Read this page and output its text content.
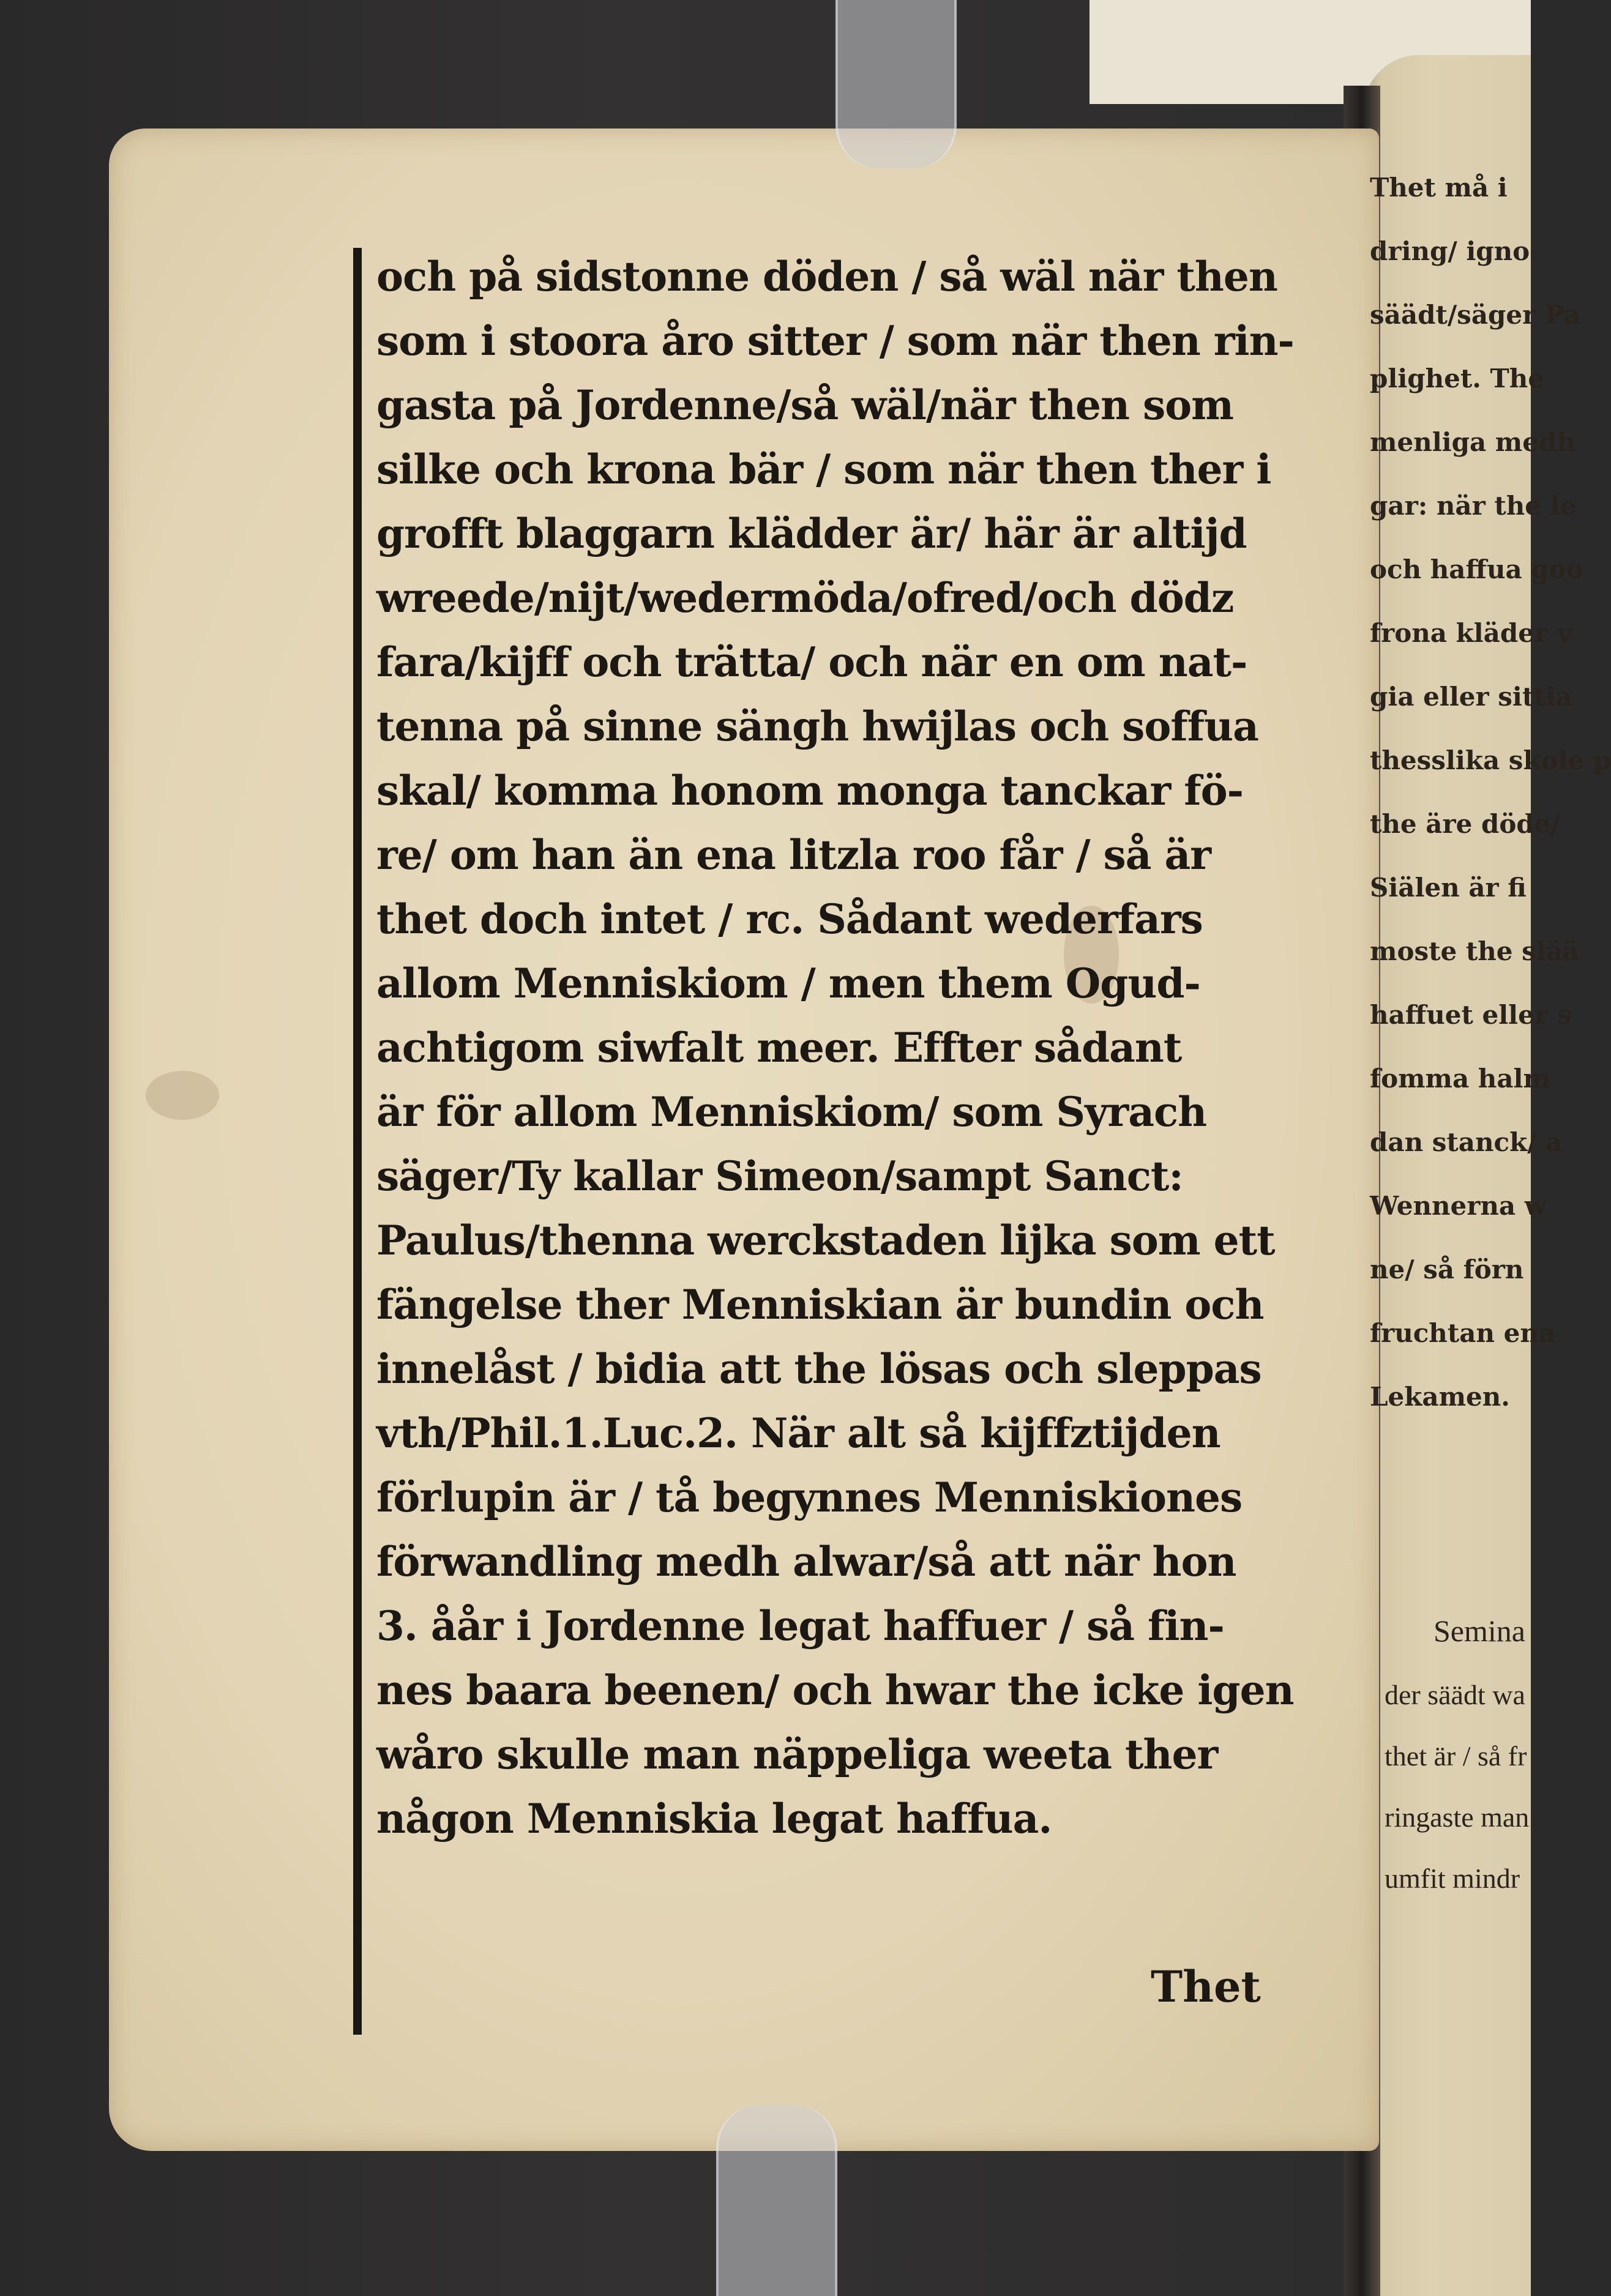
och på sidstonne döden / så wäl när then
som i stoora åro sitter / som när then rin-
gasta på Jordenne/så wäl/när then som
silke och krona bär / som när then ther i
grofft blaggarn klädder är/ här är altijd
wreede/nijt/wedermöda/ofred/och dödz
fara/kijff och trätta/ och när en om nat-
tenna på sinne sängh hwijlas och soffua
skal/ komma honom monga tanckar fö-
re/ om han än ena litzla roo får / så är
thet doch intet / rc. Sådant wederfars
allom Menniskiom / men them Ogud-
achtigom siwfalt meer. Effter sådant
är för allom Menniskiom/ som Syrach
säger/Ty kallar Simeon/sampt Sanct:
Paulus/thenna werckstaden lijka som ett
fängelse ther Menniskian är bundin och
innelåst / bidia att the lösas och sleppas
vth/Phil.1.Luc.2. När alt så kijffztijden
förlupin är / tå begynnes Menniskiones
förwandling medh alwar/så att när hon
3. åår i Jordenne legat haffuer / så fin-
nes baara beenen/ och hwar the icke igen
wåro skulle man näppeliga weeta ther
någon Menniskia legat haffua.
Thet
Thet må i
dring/ igno
säädt/säger Pa
plighet. The
menliga medh
gar: när the le
och haffua goo
frona kläder v
gia eller sittia
thesslika skole p
the äre döde/
Siälen är fi
moste the slää
haffuet eller s
fomma halm
dan stanck/ a
Wennerna w
ne/ så förn
fruchtan ena
Lekamen.
Semina
der säädt wa
thet är / så fr
ringaste man
umfit mindr
